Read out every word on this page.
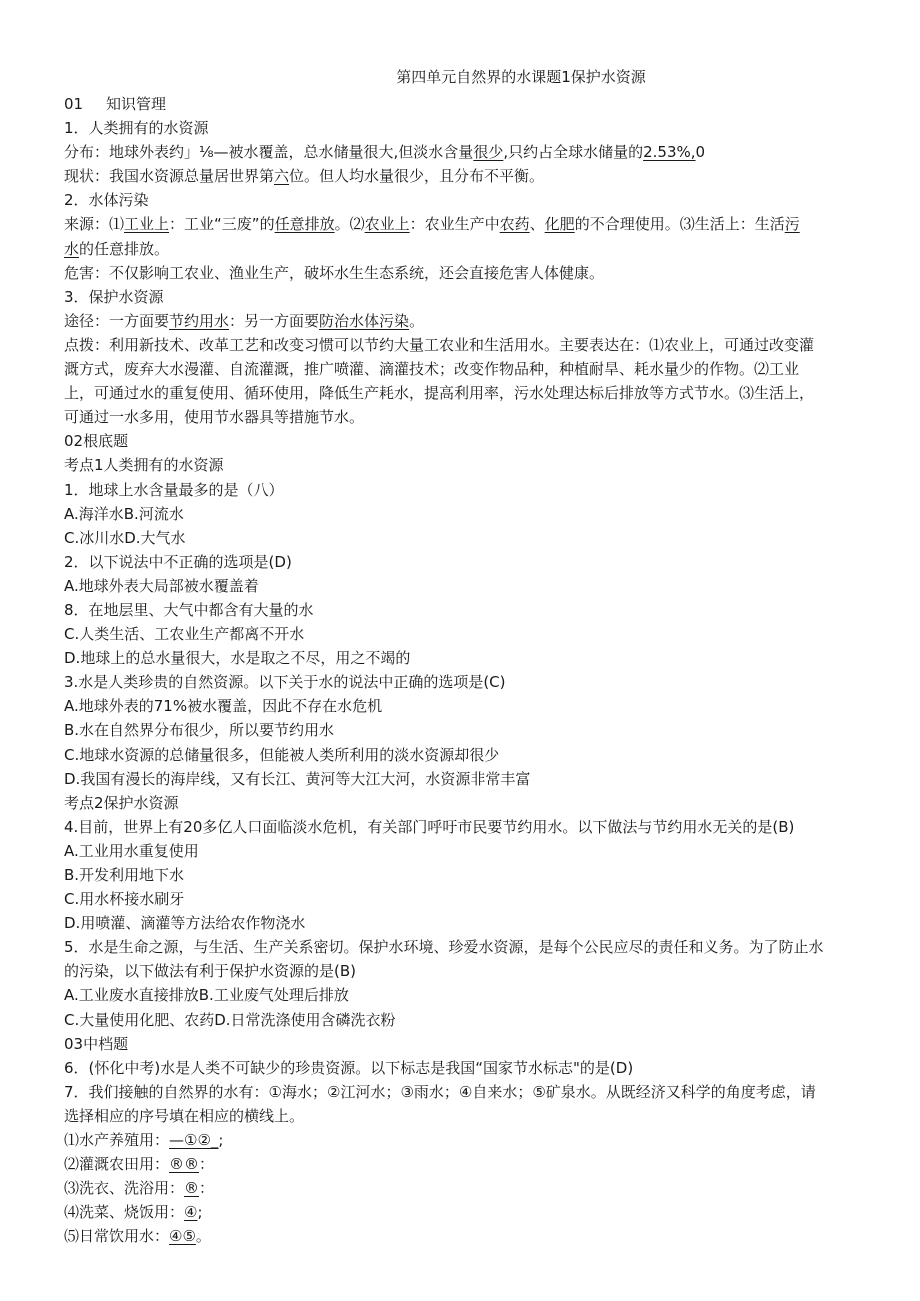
第四单元自然界的水课题1保护水资源
01 知识管理
1．人类拥有的水资源
分布：地球外表约」⅛—被水覆盖，总水储量很大,但淡水含量很少,只约占全球水储量的2.53%,0
现状：我国水资源总量居世界第六位。但人均水量很少，且分布不平衡。
2．水体污染
来源：⑴工业上：工业“三废”的任意排放。⑵农业上：农业生产中农药、化肥的不合理使用。⑶生活上：生活污
水的任意排放。
危害：不仅影响工农业、渔业生产，破坏水生生态系统，还会直接危害人体健康。
3．保护水资源
途径：一方面要节约用水：另一方面要防治水体污染。
点拨：利用新技术、改革工艺和改变习惯可以节约大量工农业和生活用水。主要表达在：⑴农业上，可通过改变灌
溉方式，废弃大水漫灌、自流灌溉，推广喷灌、滴灌技术；改变作物品种，种植耐旱、耗水量少的作物。⑵工业
上，可通过水的重复使用、循环使用，降低生产耗水，提高利用率，污水处理达标后排放等方式节水。⑶生活上，
可通过一水多用，使用节水器具等措施节水。
02根底题
考点1人类拥有的水资源
1．地球上水含量最多的是（八）
A.海洋水B.河流水
C.冰川水D.大气水
2．以下说法中不正确的选项是(D)
A.地球外表大局部被水覆盖着
8．在地层里、大气中都含有大量的水
C.人类生活、工农业生产都离不开水
D.地球上的总水量很大，水是取之不尽，用之不竭的
3.水是人类珍贵的自然资源。以下关于水的说法中正确的选项是(C)
A.地球外表的71%被水覆盖，因此不存在水危机
B.水在自然界分布很少，所以要节约用水
C.地球水资源的总储量很多，但能被人类所利用的淡水资源却很少
D.我国有漫长的海岸线，又有长江、黄河等大江大河，水资源非常丰富
考点2保护水资源
4.目前，世界上有20多亿人口面临淡水危机，有关部门呼吁市民要节约用水。以下做法与节约用水无关的是(B)
A.工业用水重复使用
B.开发利用地下水
C.用水杯接水刷牙
D.用喷灌、滴灌等方法给农作物浇水
5．水是生命之源，与生活、生产关系密切。保护水环境、珍爱水资源，是每个公民应尽的责任和义务。为了防止水
的污染，以下做法有利于保护水资源的是(B)
A.工业废水直接排放B.工业废气处理后排放
C.大量使用化肥、农药D.日常洗涤使用含磷洗衣粉
03中档题
6．(怀化中考)水是人类不可缺少的珍贵资源。以下标志是我国“国家节水标志"的是(D)
7．我们接触的自然界的水有：①海水；②江河水；③雨水；④自来水；⑤矿泉水。从既经济又科学的角度考虑，请
选择相应的序号填在相应的横线上。
⑴水产养殖用：—①②_;
⑵灌溉农田用：®®：
⑶洗衣、洗浴用：®：
⑷洗菜、烧饭用：④;
⑸日常饮用水：④⑤。
